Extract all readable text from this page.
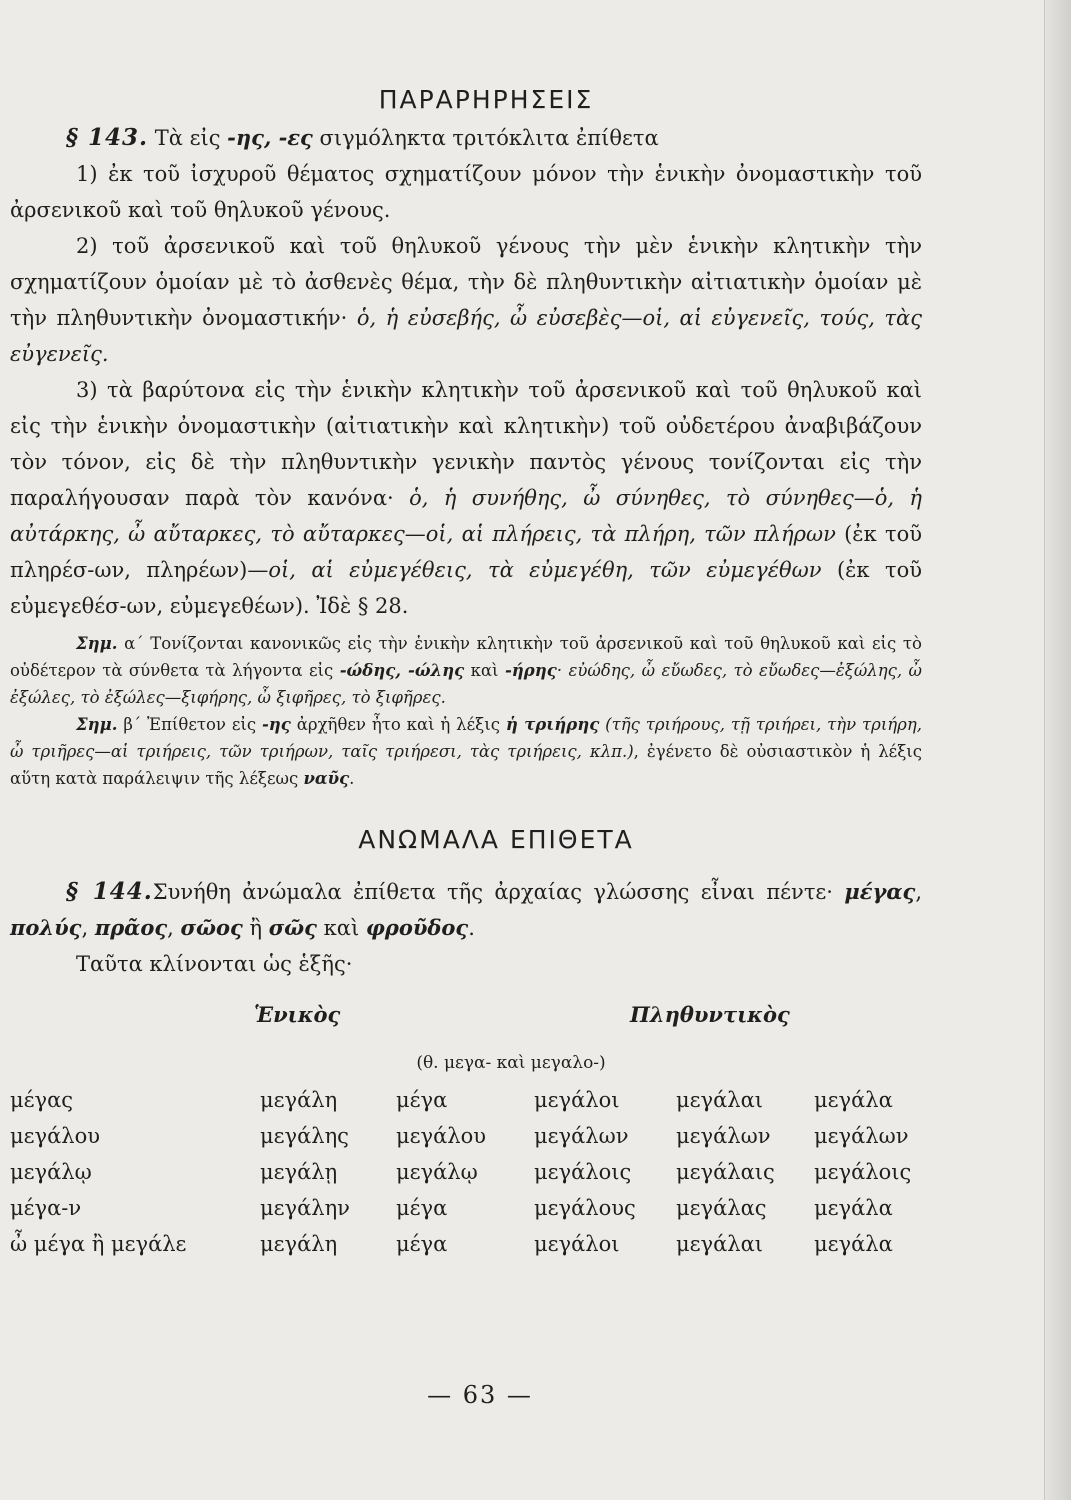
ΠΑΡΑΡΗΡΗΣΕΙΣ

§ 143. Τὰ εἰς -ης, -ες σιγμόληκτα τριτόκλιτα ἐπίθετα

1) ἐκ τοῦ ἰσχυροῦ θέματος σχηματίζουν μόνον τὴν ἑνικὴν ὀνομαστικὴν τοῦ ἀρσενικοῦ καὶ τοῦ θηλυκοῦ γένους.

2) τοῦ ἀρσενικοῦ καὶ τοῦ θηλυκοῦ γένους τὴν μὲν ἑνικὴν κλητικὴν τὴν σχηματίζουν ὁμοίαν μὲ τὸ ἀσθενὲς θέμα, τὴν δὲ πληθυντικὴν αἰτιατικὴν ὁμοίαν μὲ τὴν πληθυντικὴν ὀνομαστικήν· ὁ, ἡ εὐσεβής, ὦ εὐσεβὲς—οἱ, αἱ εὐγενεῖς, τούς, τὰς εὐγενεῖς.

3) τὰ βαρύτονα εἰς τὴν ἑνικὴν κλητικὴν τοῦ ἀρσενικοῦ καὶ τοῦ θηλυκοῦ καὶ εἰς τὴν ἑνικὴν ὀνομαστικὴν (αἰτιατικὴν καὶ κλητικὴν) τοῦ οὐδετέρου ἀναβιβάζουν τὸν τόνον, εἰς δὲ τὴν πληθυντικὴν γενικὴν παντὸς γένους τονίζονται εἰς τὴν παραλήγουσαν παρὰ τὸν κανόνα· ὁ, ἡ συνήθης, ὦ σύνηθες, τὸ σύνηθες—ὁ, ἡ αὐτάρκης, ὦ αὔταρκες, τὸ αὔταρκες—οἱ, αἱ πλήρεις, τὰ πλήρη, τῶν πλήρων (ἐκ τοῦ πληρέσ-ων, πληρέων)—οἱ, αἱ εὐμεγέθεις, τὰ εὐμεγέθη, τῶν εὐμεγέθων (ἐκ τοῦ εὐμεγεθέσ-ων, εὐμεγεθέων). Ἰδὲ § 28.

Σημ. α΄ Τονίζονται κανονικῶς εἰς τὴν ἑνικὴν κλητικὴν τοῦ ἀρσενικοῦ καὶ τοῦ θηλυκοῦ καὶ εἰς τὸ οὐδέτερον τὰ σύνθετα τὰ λήγοντα εἰς -ώδης, -ώλης καὶ -ήρης· εὐώδης, ὦ εὔωδες, τὸ εὔωδες—ἐξώλης, ὦ ἐξώλες, τὸ ἐξώλες—ξιφήρης, ὦ ξιφῆρες, τὸ ξιφῆρες.

Σημ. β΄ Ἐπίθετον εἰς -ης ἀρχῆθεν ἦτο καὶ ἡ λέξις ἡ τριήρης (τῆς τριήρους, τῇ τριήρει, τὴν τριήρη, ὦ τριῆρες—αἱ τριήρεις, τῶν τριήρων, ταῖς τριήρεσι, τὰς τριήρεις, κλπ.), ἐγένετο δὲ οὐσιαστικὸν ἡ λέξις αὕτη κατὰ παράλειψιν τῆς λέξεως ναῦς.

ΑΝΩΜΑΛΑ ΕΠΙΘΕΤΑ

§ 144.Συνήθη ἀνώμαλα ἐπίθετα τῆς ἀρχαίας γλώσσης εἶναι πέντε· μέγας, πολύς, πρᾶος, σῶος ἢ σῶς καὶ φροῦδος.

Ταῦτα κλίνονται ὡς ἑξῆς·

Ἑνικὸς	Πληθυντικὸς
(θ. μεγα- καὶ μεγαλο-)
μέγας	μεγάλη	μέγα	μεγάλοι	μεγάλαι	μεγάλα
μεγάλου	μεγάλης	μεγάλου	μεγάλων	μεγάλων	μεγάλων
μεγάλῳ	μεγάλῃ	μεγάλῳ	μεγάλοις	μεγάλαις	μεγάλοις
μέγα-ν	μεγάλην	μέγα	μεγάλους	μεγάλας	μεγάλα
ὦ μέγα ἢ μεγάλε	μεγάλη	μέγα	μεγάλοι	μεγάλαι	μεγάλα
— 63 —
